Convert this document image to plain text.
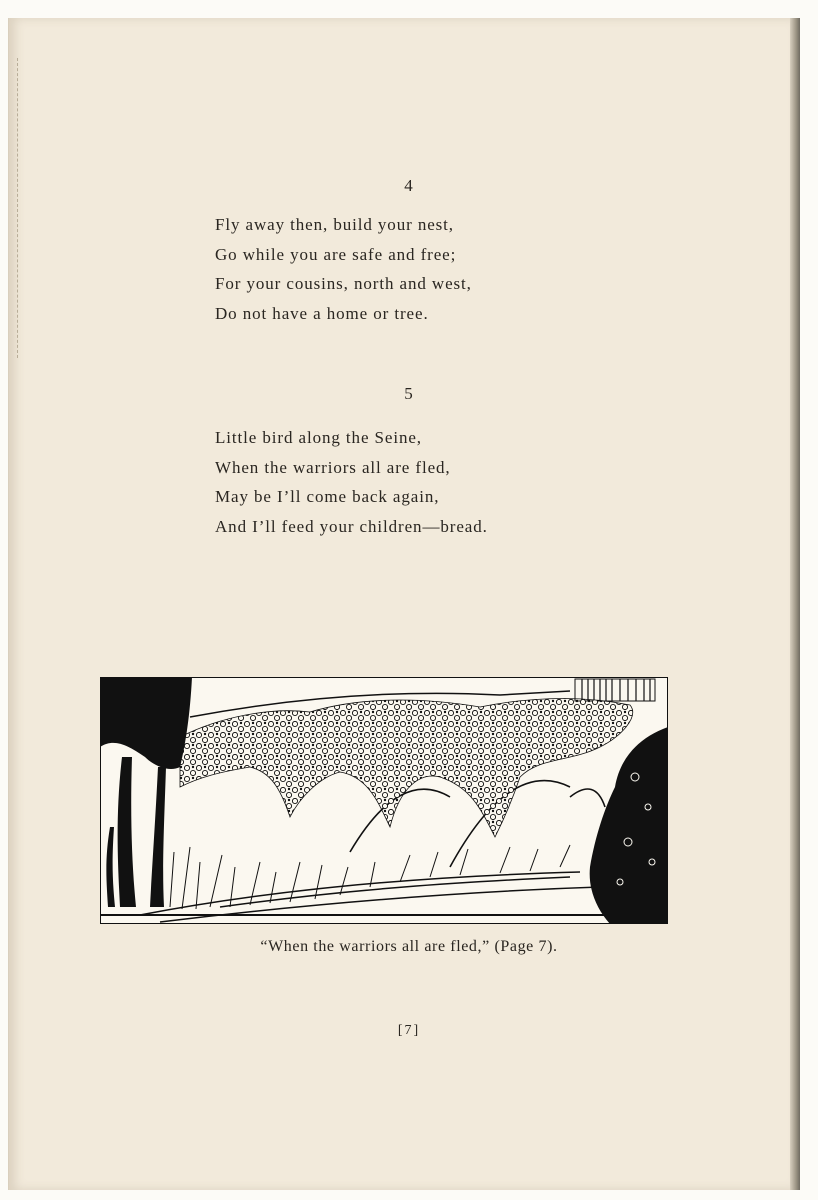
4
Fly away then, build your nest,
Go while you are safe and free;
For your cousins, north and west,
Do not have a home or tree.
5
Little bird along the Seine,
When the warriors all are fled,
May be I’ll come back again,
And I’ll feed your children—bread.
“When the warriors all are fled,” (Page 7).
[7]
